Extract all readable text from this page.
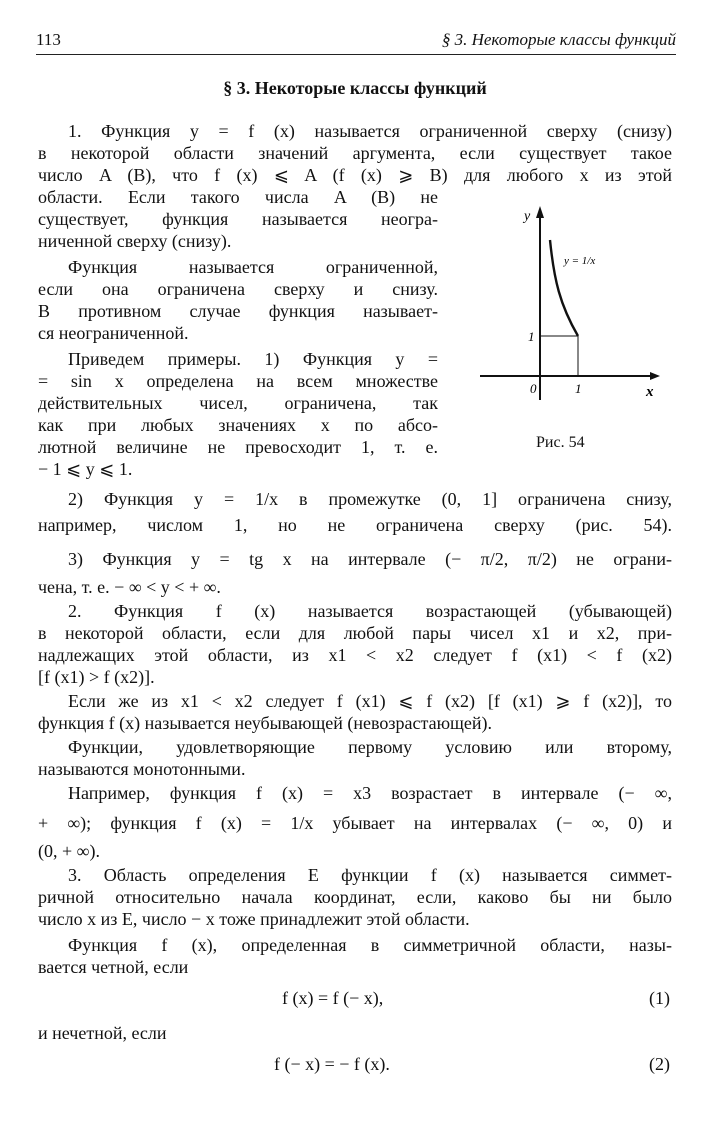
113	§ 3. Некоторые классы функций
§ 3. Некоторые классы функций
1. Функция y = f (x) называется ограниченной сверху (снизу)
в некоторой области значений аргумента, если существует такое
число A (B), что f (x) ⩽ A (f (x) ⩾ B) для любого x из этой
области. Если такого числа A (B) не
существует, функция называется неогра-
ниченной сверху (снизу).
Функция называется ограниченной,
если она ограничена сверху и снизу.
В противном случае функция называет-
ся неограниченной.
Приведем примеры. 1) Функция y =
= sin x определена на всем множестве
действительных чисел, ограничена, так
как при любых значениях x по абсо-
лютной величине не превосходит 1, т. е.
− 1 ⩽ y ⩽ 1.
y
x
0	1
1
y = 1/x
Рис. 54
2) Функция y = 1/x в промежутке (0, 1] ограничена снизу,
например, числом 1, но не ограничена сверху (рис. 54).
3) Функция y = tg x на интервале (− π/2, π/2) не ограни-
чена, т. е. − ∞ < y < + ∞.
2. Функция f (x) называется возрастающей (убывающей)
в некоторой области, если для любой пары чисел x1 и x2, при-
надлежащих этой области, из x1 < x2 следует f (x1) < f (x2)
[f (x1) > f (x2)].
Если же из x1 < x2 следует f (x1) ⩽ f (x2) [f (x1) ⩾ f (x2)], то
функция f (x) называется неубывающей (невозрастающей).
Функции, удовлетворяющие первому условию или второму,
называются монотонными.
Например, функция f (x) = x3 возрастает в интервале (− ∞,
+ ∞); функция f (x) = 1/x убывает на интервалах (− ∞, 0) и
(0, + ∞).
3. Область определения E функции f (x) называется симмет-
ричной относительно начала координат, если, каково бы ни было
число x из E, число − x тоже принадлежит этой области.
Функция f (x), определенная в симметричной области, назы-
вается четной, если
f (x) = f (− x),	(1)
и нечетной, если
f (− x) = − f (x).	(2)
